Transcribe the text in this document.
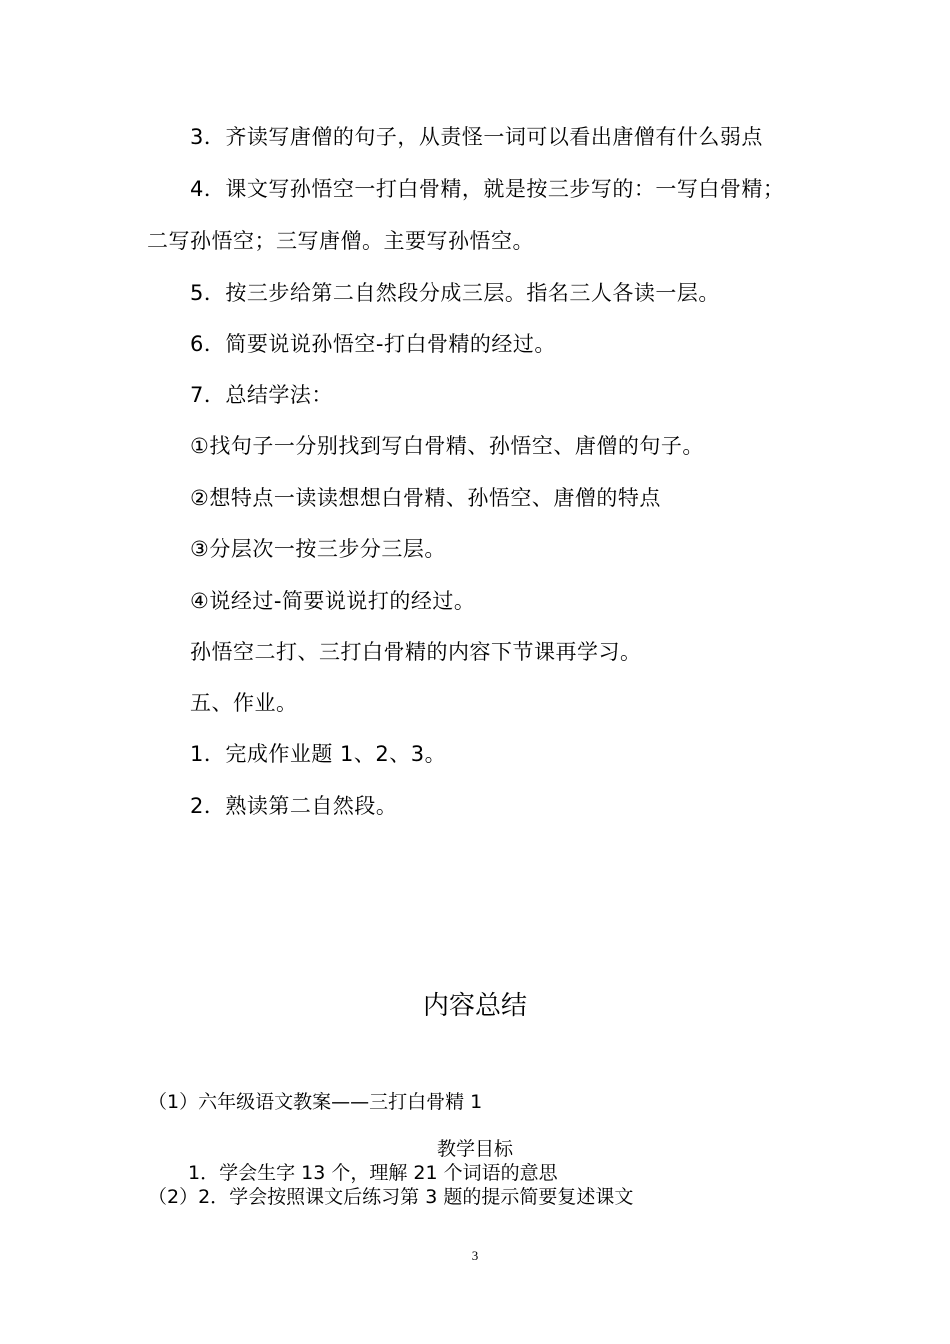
3．齐读写唐僧的句子，从责怪一词可以看出唐僧有什么弱点
4．课文写孙悟空一打白骨精，就是按三步写的：一写白骨精；
二写孙悟空；三写唐僧。主要写孙悟空。
5．按三步给第二自然段分成三层。指名三人各读一层。
6．简要说说孙悟空-打白骨精的经过。
7．总结学法：
①找句子一分别找到写白骨精、孙悟空、唐僧的句子。
②想特点一读读想想白骨精、孙悟空、唐僧的特点
③分层次一按三步分三层。
④说经过-简要说说打的经过。
孙悟空二打、三打白骨精的内容下节课再学习。
五、作业。
1．完成作业题 1、2、3。
2．熟读第二自然段。
内容总结
（1）六年级语文教案——三打白骨精 1
教学目标
1．学会生字 13 个，理解 21 个词语的意思
（2）2．学会按照课文后练习第 3 题的提示简要复述课文
3
